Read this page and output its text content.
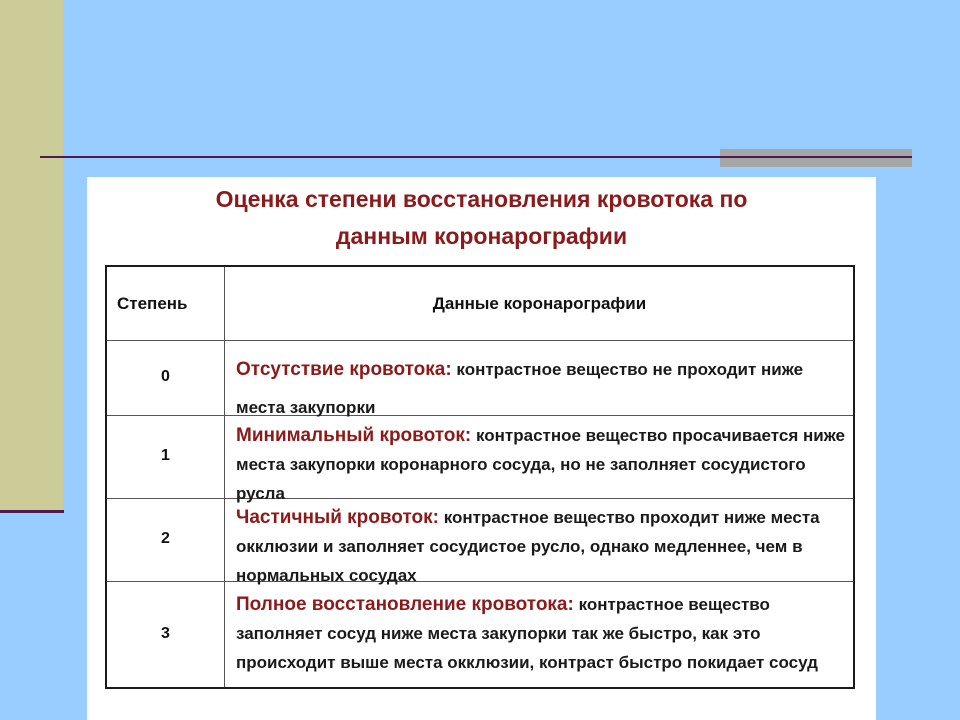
Оценка степени восстановления кровотока по
данным коронарографии
Степень	Данные коронарографии
0	Отсутствие кровотока: контрастное вещество не проходит ниже места закупорки
1
Минимальный кровоток: контрастное вещество просачивается ниже места закупорки коронарного сосуда, но не заполняет сосудистого русла
2
Частичный кровоток: контрастное вещество проходит ниже места окклюзии и заполняет сосудистое русло, однако медленнее, чем в нормальных сосудах
3
Полное восстановление кровотока: контрастное вещество заполняет сосуд ниже места закупорки так же быстро, как это происходит выше места окклюзии, контраст быстро покидает сосуд
